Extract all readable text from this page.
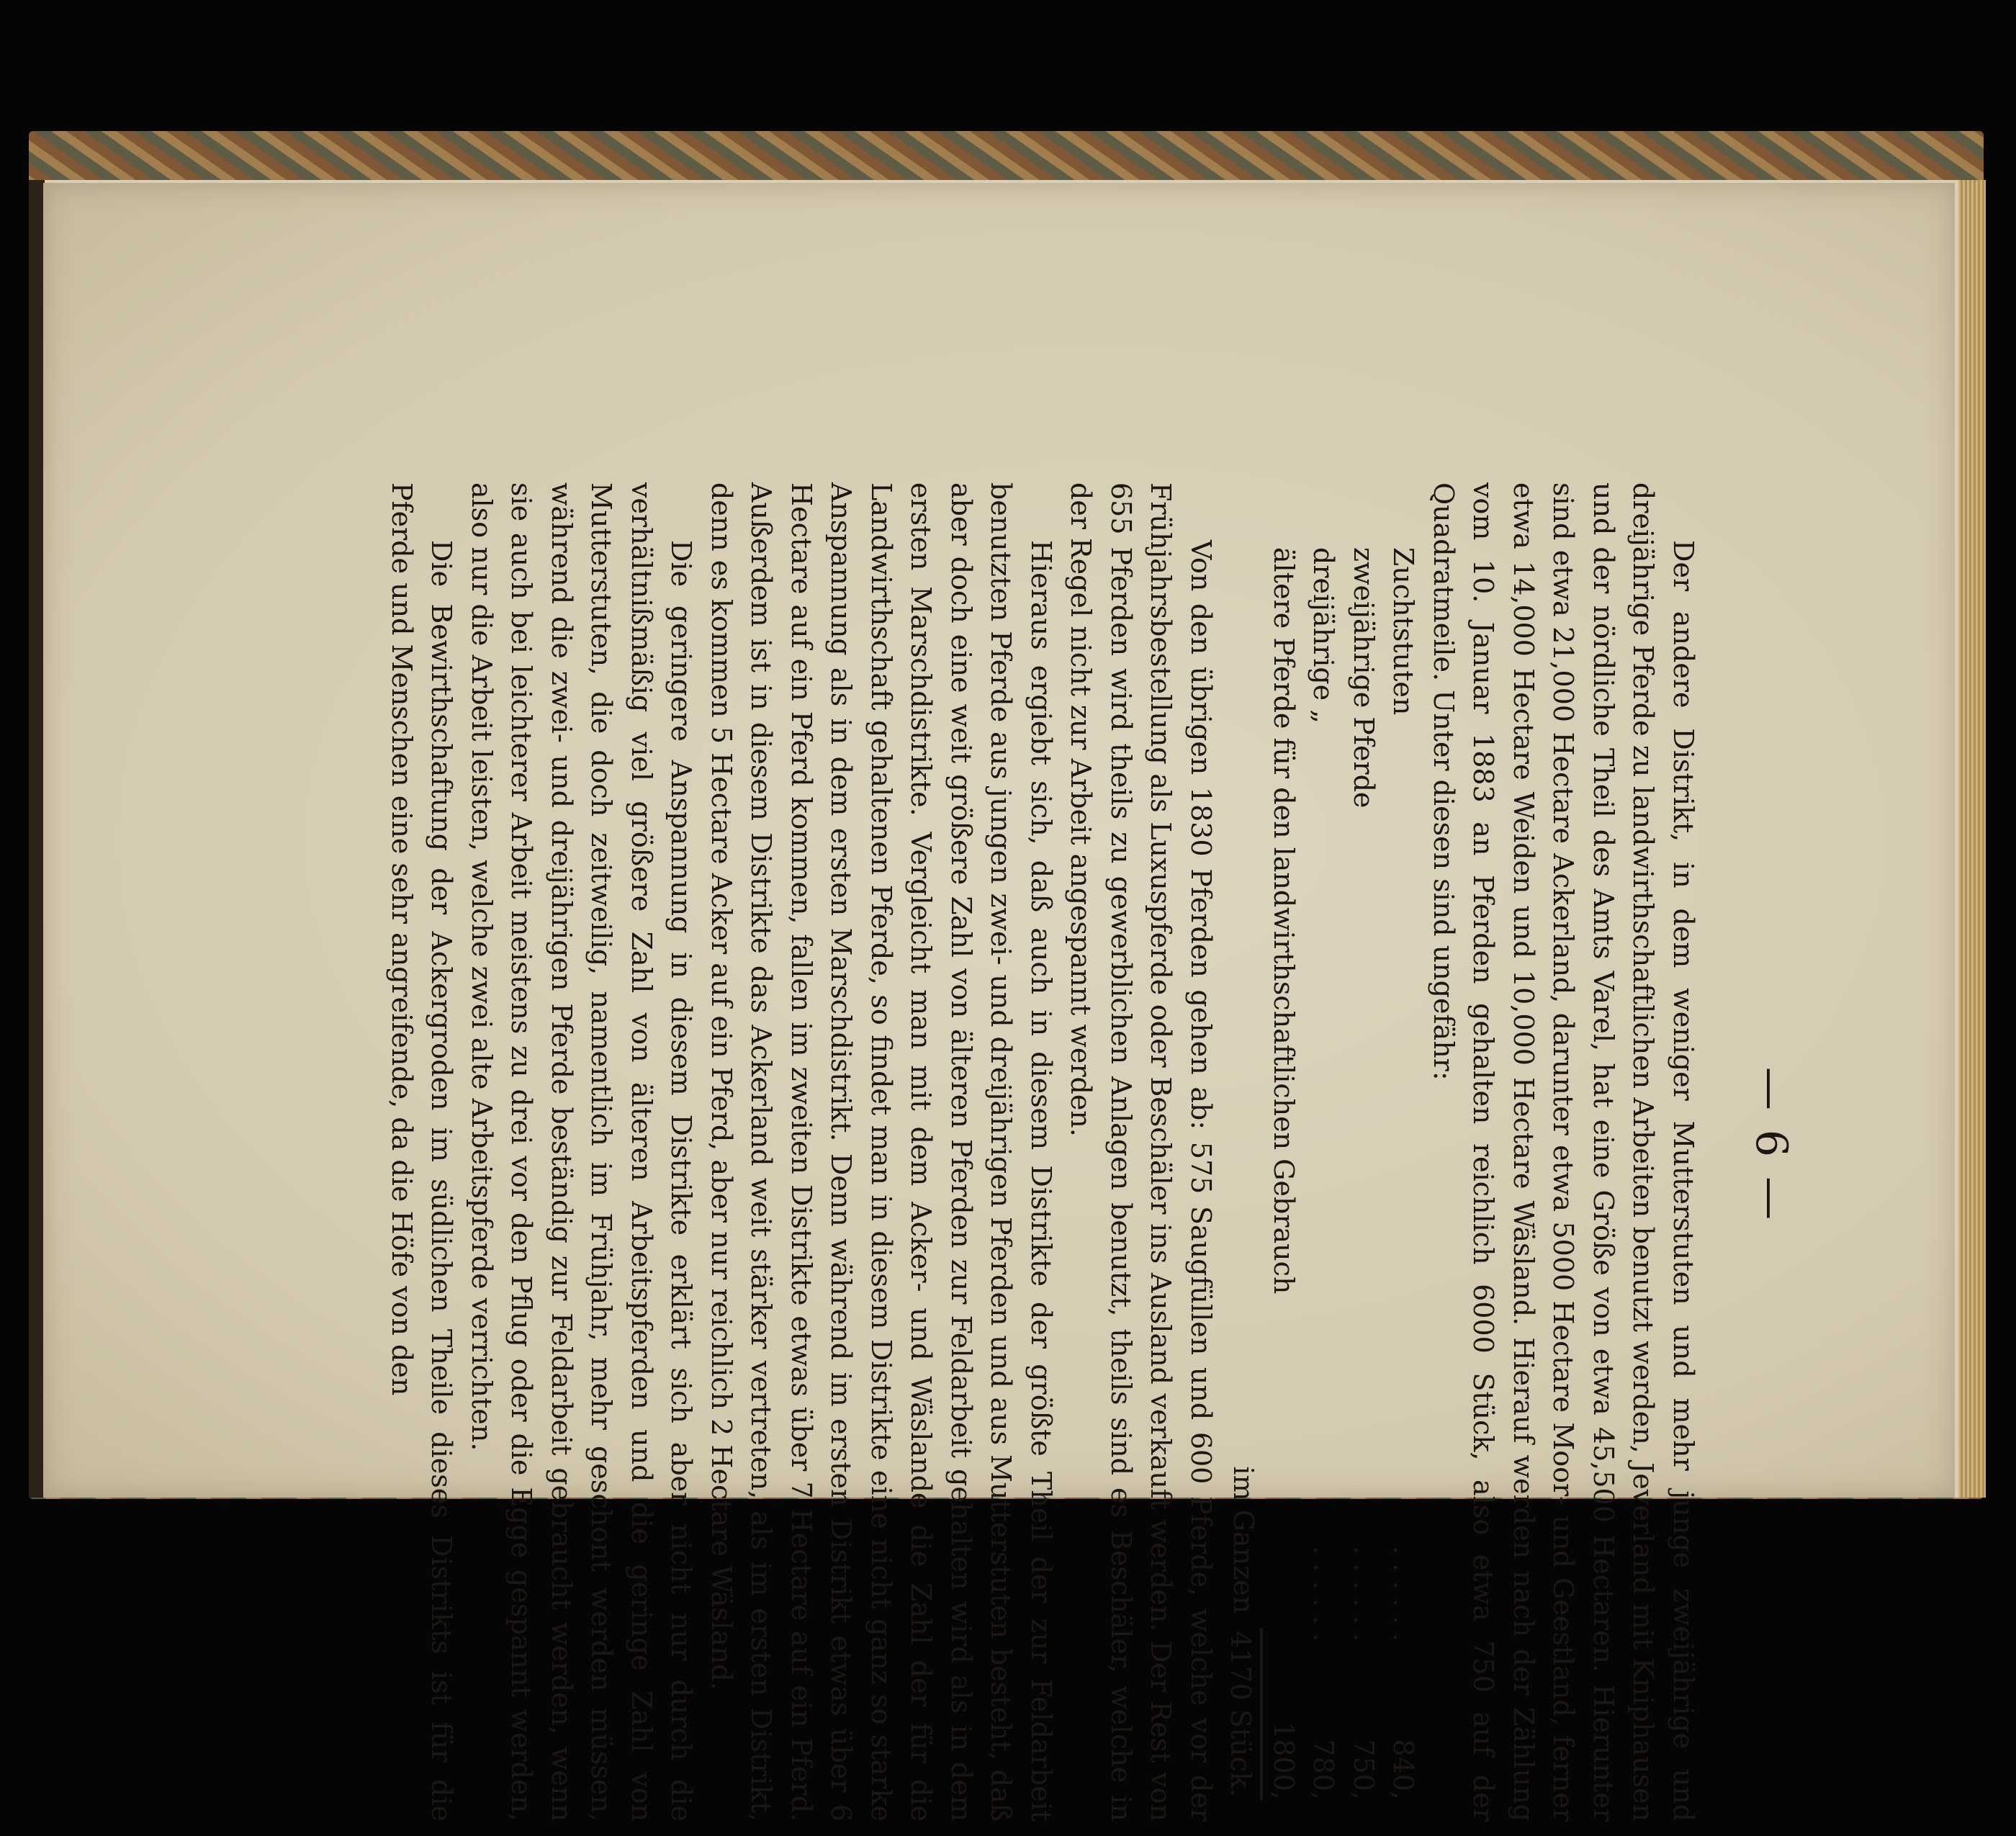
— 6 —

Der andere Distrikt, in dem weniger Mutterstuten und mehr junge zweijährige und dreijährige Pferde zu landwirthschaftlichen Arbeiten benutzt werden, Jeverland mit Kniphausen und der nördliche Theil des Amts Varel, hat eine Größe von etwa 45,500 Hectaren. Hierunter sind etwa 21,000 Hectare Ackerland, darunter etwa 5000 Hectare Moor- und Geestland, ferner etwa 14,000 Hectare Weiden und 10,000 Hectare Wäsland. Hierauf werden nach der Zählung vom 10. Januar 1883 an Pferden gehalten reichlich 6000 Stück, also etwa 750 auf der Quadratmeile. Unter diesen sind ungefähr:

Zuchtstuten
. . . . . .
840,
zweijährige Pferde
. . . . . .
750,
dreijährige „
. . . . . .
780,
ältere Pferde für den landwirthschaftlichen Gebrauch
1800,
im Ganzen
4170 Stück.

Von den übrigen 1830 Pferden gehen ab: 575 Saugfüllen und 600 Pferde, welche vor der Frühjahrsbestellung als Luxuspferde oder Beschäler ins Ausland verkauft werden. Der Rest von 655 Pferden wird theils zu gewerblichen Anlagen benutzt, theils sind es Beschäler, welche in der Regel nicht zur Arbeit angespannt werden.

Hieraus ergiebt sich, daß auch in diesem Distrikte der größte Theil der zur Feldarbeit benutzten Pferde aus jungen zwei- und dreijährigen Pferden und aus Mutterstuten besteht, daß aber doch eine weit größere Zahl von älteren Pferden zur Feldarbeit gehalten wird als in dem ersten Marschdistrikte. Vergleicht man mit dem Acker- und Wäslande die Zahl der für die Landwirthschaft gehaltenen Pferde, so findet man in diesem Distrikte eine nicht ganz so starke Anspannung als in dem ersten Marschdistrikt. Denn während im ersten Distrikt etwas über 6 Hectare auf ein Pferd kommen, fallen im zweiten Distrikte etwas über 7 Hectare auf ein Pferd. Außerdem ist in diesem Distrikte das Ackerland weit stärker vertreten, als im ersten Distrikt, denn es kommen 5 Hectare Acker auf ein Pferd, aber nur reichlich 2 Hectare Wäsland.

Die geringere Anspannung in diesem Distrikte erklärt sich aber nicht nur durch die verhältnißmäßig viel größere Zahl von älteren Arbeitspferden und die geringe Zahl von Mutterstuten, die doch zeitweilig, namentlich im Frühjahr, mehr geschont werden müssen, während die zwei- und dreijährigen Pferde beständig zur Feldarbeit gebraucht werden, wenn sie auch bei leichterer Arbeit meistens zu drei vor den Pflug oder die Egge gespannt werden, also nur die Arbeit leisten, welche zwei alte Arbeitspferde verrichten.

Die Bewirthschaftung der Ackergroden im südlichen Theile dieses Distrikts ist für die Pferde und Menschen eine sehr angreifende, da die Höfe von den
